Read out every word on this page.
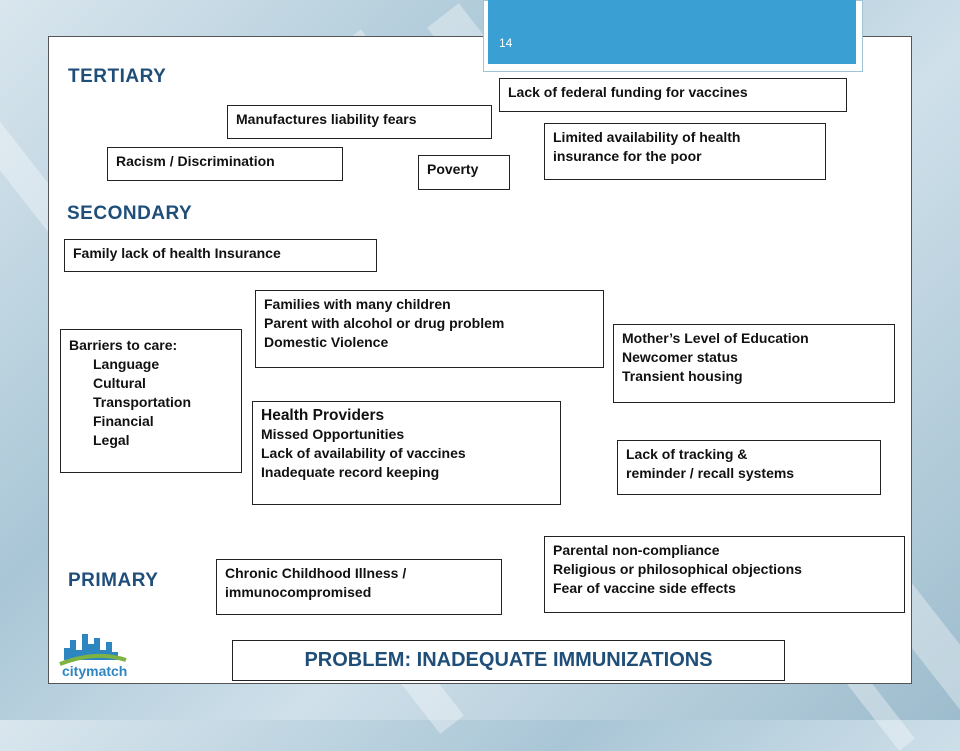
14
TERTIARY
SECONDARY
PRIMARY
Lack of federal funding for vaccines
Manufactures liability fears
Limited availability of health
insurance for the poor
Racism / Discrimination	Poverty
Family lack of health Insurance
Families with many children
Parent with alcohol or drug problem
Domestic Violence
Barriers to care:
Language
Cultural
Transportation
Financial
Legal
Mother’s Level of Education
Newcomer status
Transient housing
Health Providers
Missed Opportunities
Lack of availability of vaccines
Inadequate record keeping
Lack of tracking &
reminder / recall systems
Parental non-compliance
Religious or philosophical objections
Fear of vaccine side effects
Chronic Childhood Illness /
immunocompromised
PROBLEM: INADEQUATE IMMUNIZATIONS
citymatch
